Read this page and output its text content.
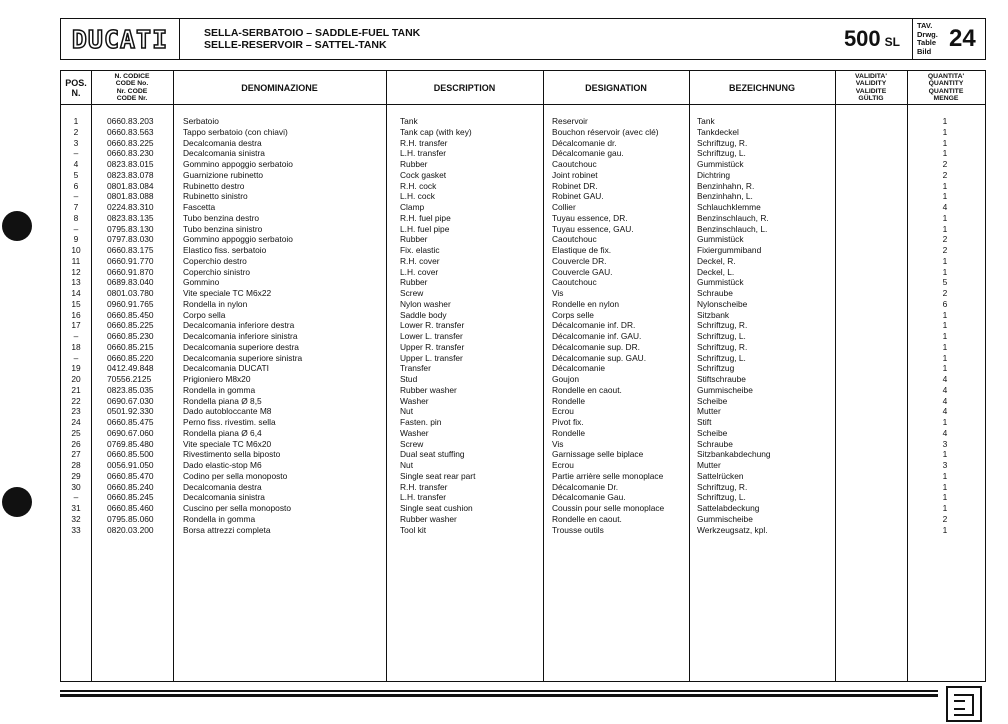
DUCATI	SELLA-SERBATOIO – SADDLE-FUEL TANK
SELLE-RESERVOIR – SATTEL-TANK	500 SL
TAV.
Drwg.
Table
Bild 24
POS.
N.
N. CODICE
CODE No.
Nr. CODE
CODE Nr.
DENOMINAZIONE	DESCRIPTION	DESIGNATION	BEZEICHNUNG
VALIDITA'
VALIDITY
VALIDITE
GÜLTIG
QUANTITA'
QUANTITY
QUANTITE
MENGE
1	0660.83.203	Serbatoio	Tank	Reservoir	Tank	1
2	0660.83.563	Tappo serbatoio (con chiavi)	Tank cap (with key)	Bouchon réservoir (avec clé)	Tankdeckel	1
3	0660.83.225	Decalcomania destra	R.H. transfer	Décalcomanie dr.	Schriftzug, R.	1
–	0660.83.230	Decalcomania sinistra	L.H. transfer	Décalcomanie gau.	Schriftzug, L.	1
4	0823.83.015	Gommino appoggio serbatoio	Rubber	Caoutchouc	Gummistück	2
5	0823.83.078	Guarnizione rubinetto	Cock gasket	Joint robinet	Dichtring	2
6	0801.83.084	Rubinetto destro	R.H. cock	Robinet DR.	Benzinhahn, R.	1
–	0801.83.088	Rubinetto sinistro	L.H. cock	Robinet GAU.	Benzinhahn, L.	1
7	0224.83.310	Fascetta	Clamp	Collier	Schlauchklemme	4
8	0823.83.135	Tubo benzina destro	R.H. fuel pipe	Tuyau essence, DR.	Benzinschlauch, R.	1
–	0795.83.130	Tubo benzina sinistro	L.H. fuel pipe	Tuyau essence, GAU.	Benzinschlauch, L.	1
9	0797.83.030	Gommino appoggio serbatoio	Rubber	Caoutchouc	Gummistück	2
10	0660.83.175	Elastico fiss. serbatoio	Fix. elastic	Elastique de fix.	Fixiergummiband	2
11	0660.91.770	Coperchio destro	R.H. cover	Couvercle DR.	Deckel, R.	1
12	0660.91.870	Coperchio sinistro	L.H. cover	Couvercle GAU.	Deckel, L.	1
13	0689.83.040	Gommino	Rubber	Caoutchouc	Gummistück	5
14	0801.03.780	Vite speciale TC M6x22	Screw	Vis	Schraube	2
15	0960.91.765	Rondella in nylon	Nylon washer	Rondelle en nylon	Nylonscheibe	6
16	0660.85.450	Corpo sella	Saddle body	Corps selle	Sitzbank	1
17	0660.85.225	Decalcomania inferiore destra	Lower R. transfer	Décalcomanie inf. DR.	Schriftzug, R.	1
–	0660.85.230	Decalcomania inferiore sinistra	Lower L. transfer	Décalcomanie inf. GAU.	Schriftzug, L.	1
18	0660.85.215	Decalcomania superiore destra	Upper R. transfer	Décalcomanie sup. DR.	Schriftzug, R.	1
–	0660.85.220	Decalcomania superiore sinistra	Upper L. transfer	Décalcomanie sup. GAU.	Schriftzug, L.	1
19	0412.49.848	Decalcomania DUCATI	Transfer	Décalcomanie	Schriftzug	1
20	70556.2125	Prigioniero M8x20	Stud	Goujon	Stiftschraube	4
21	0823.85.035	Rondella in gomma	Rubber washer	Rondelle en caout.	Gummischeibe	4
22	0690.67.030	Rondella piana Ø 8,5	Washer	Rondelle	Scheibe	4
23	0501.92.330	Dado autobloccante M8	Nut	Ecrou	Mutter	4
24	0660.85.475	Perno fiss. rivestim. sella	Fasten. pin	Pivot fix.	Stift	1
25	0690.67.060	Rondella piana Ø 6,4	Washer	Rondelle	Scheibe	4
26	0769.85.480	Vite speciale TC M6x20	Screw	Vis	Schraube	3
27	0660.85.500	Rivestimento sella biposto	Dual seat stuffing	Garnissage selle biplace	Sitzbankabdechung	1
28	0056.91.050	Dado elastic-stop M6	Nut	Ecrou	Mutter	3
29	0660.85.470	Codino per sella monoposto	Single seat rear part	Partie arrière selle monoplace	Sattelrücken	1
30	0660.85.240	Decalcomania destra	R.H. transfer	Décalcomanie Dr.	Schriftzug, R.	1
–	0660.85.245	Decalcomania sinistra	L.H. transfer	Décalcomanie Gau.	Schriftzug, L.	1
31	0660.85.460	Cuscino per sella monoposto	Single seat cushion	Coussin pour selle monoplace	Sattelabdeckung	1
32	0795.85.060	Rondella in gomma	Rubber washer	Rondelle en caout.	Gummischeibe	2
33	0820.03.200	Borsa attrezzi completa	Tool kit	Trousse outils	Werkzeugsatz, kpl.	1
